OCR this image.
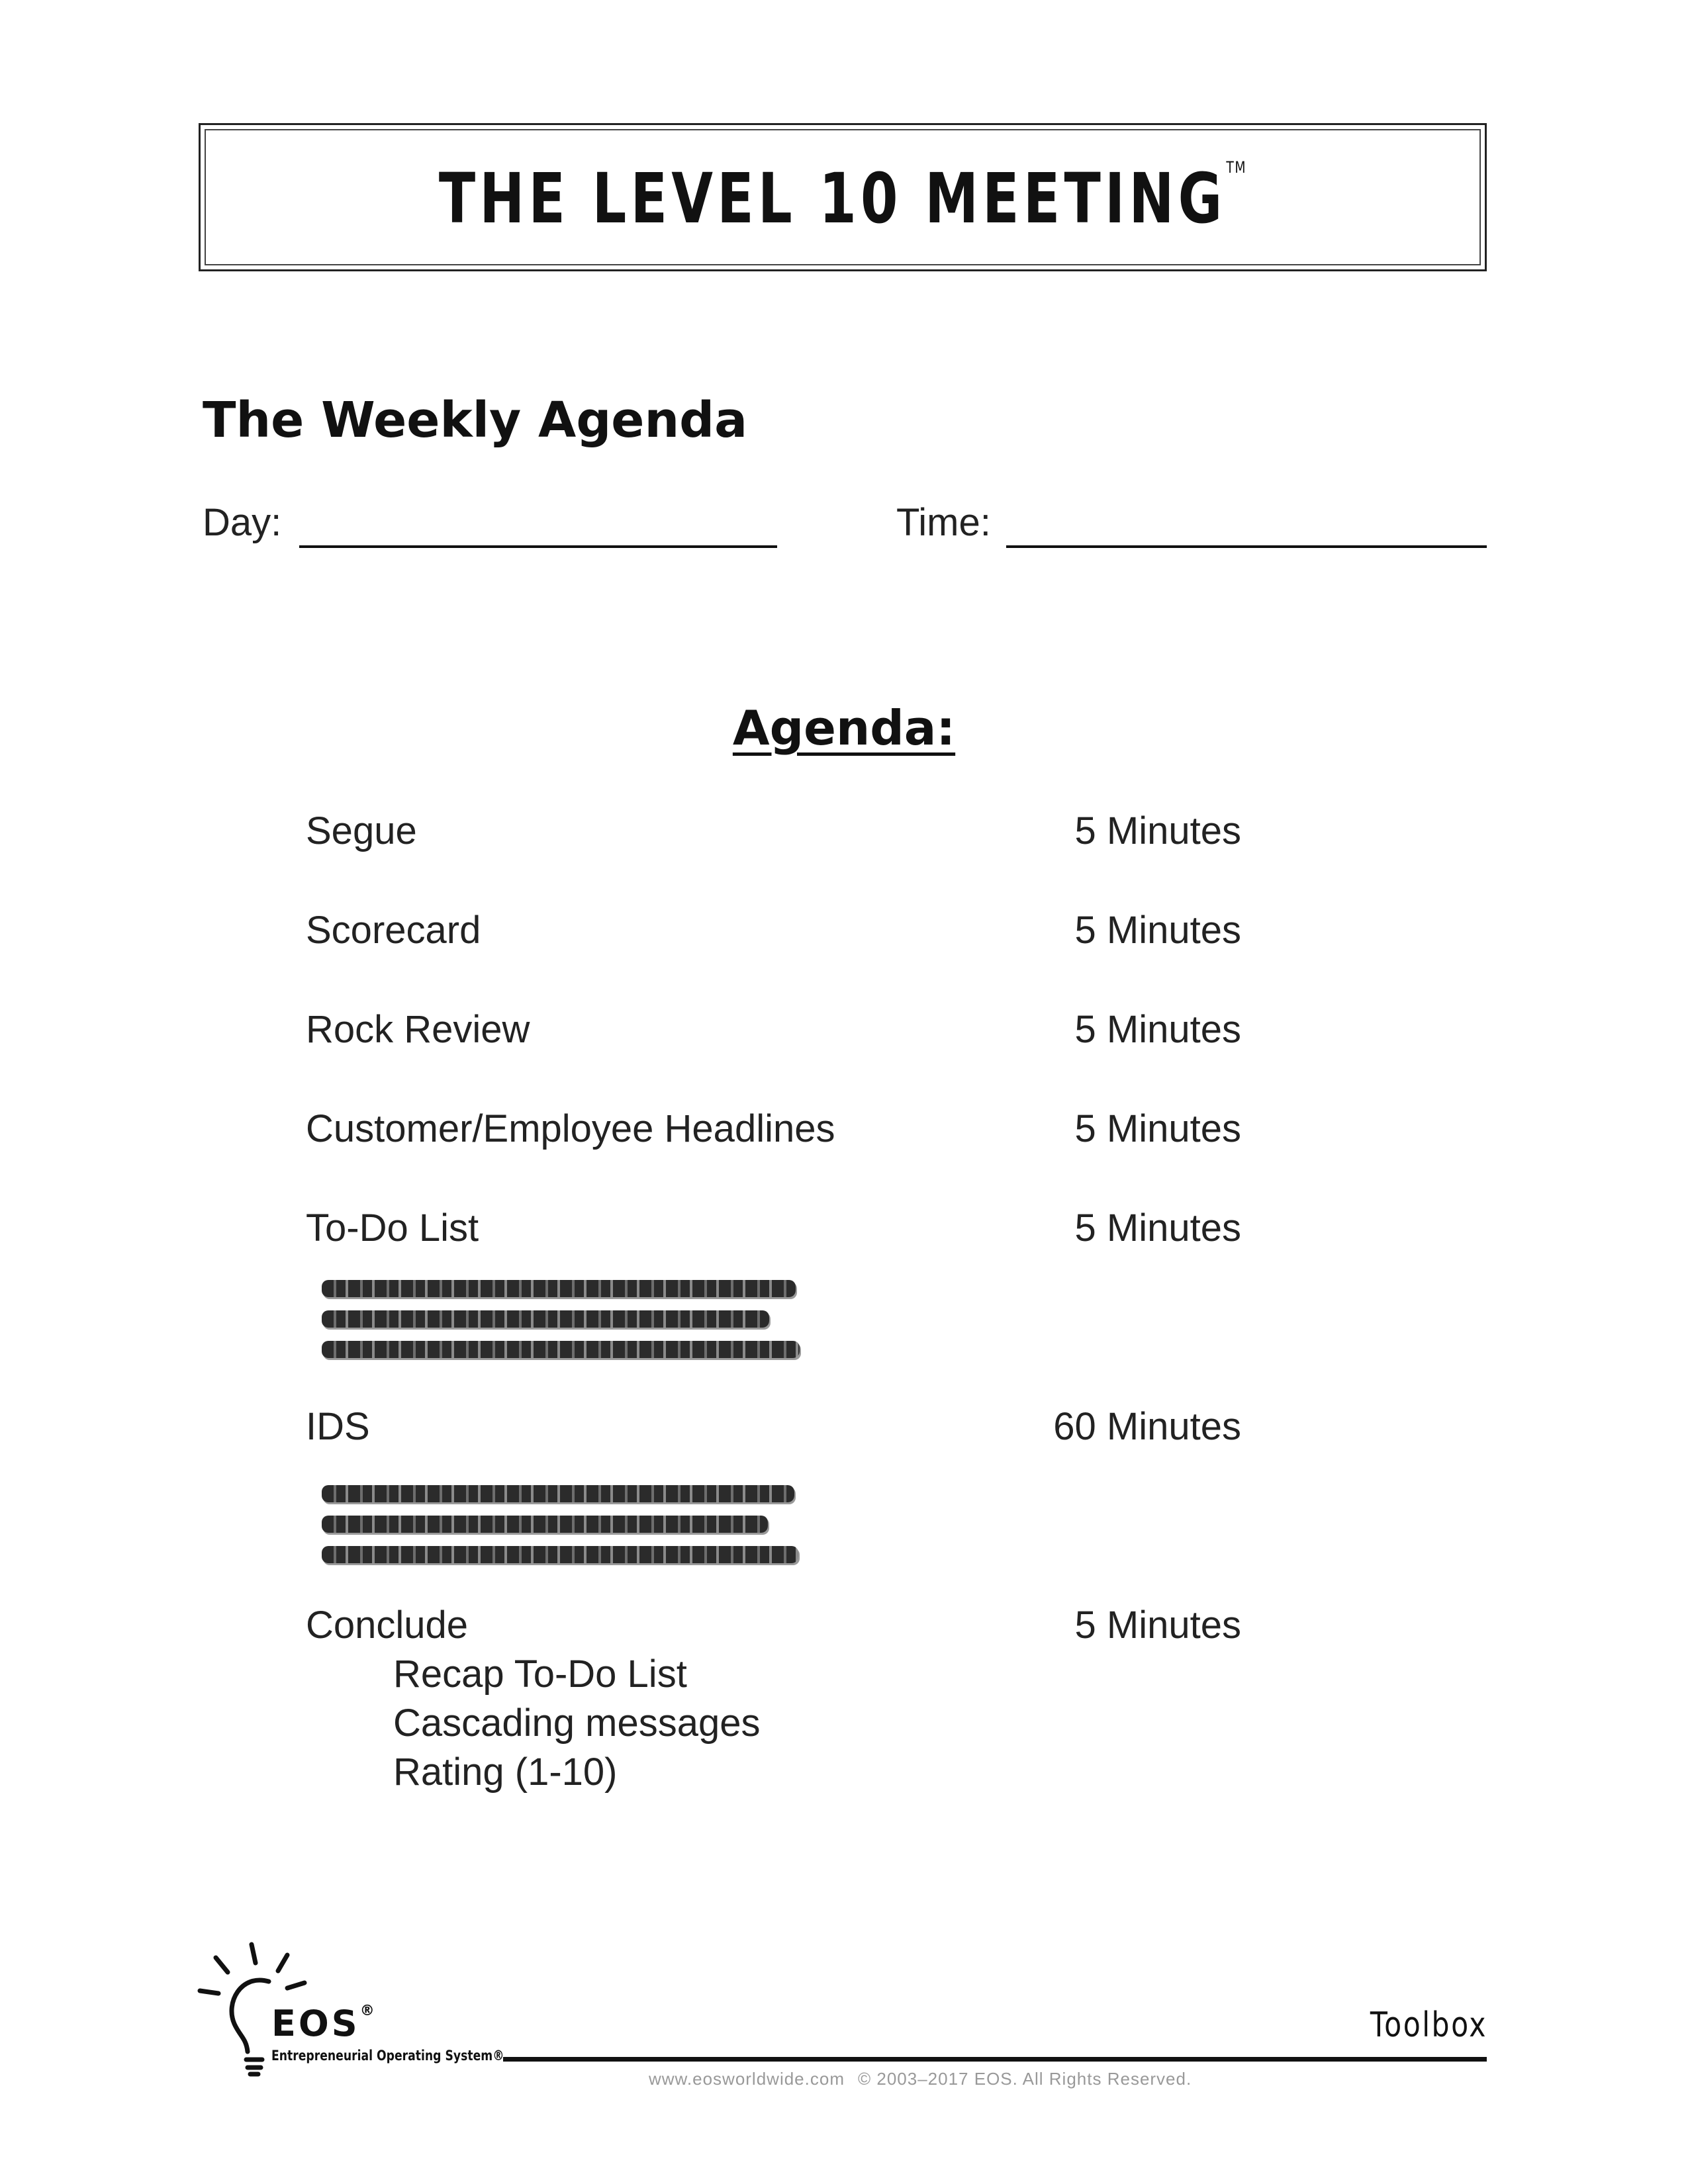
THE LEVEL 10 MEETING™
The Weekly Agenda
Day:	Time:
Agenda:
Segue	5 Minutes
Scorecard	5 Minutes
Rock Review	5 Minutes
Customer/Employee Headlines	5 Minutes
To-Do List	5 Minutes
IDS	60 Minutes
Conclude	5 Minutes
Recap To-Do List
Cascading messages
Rating (1-10)
EOS®
Entrepreneurial Operating System®
Toolbox
www.eosworldwide.com © 2003–2017 EOS. All Rights Reserved.
